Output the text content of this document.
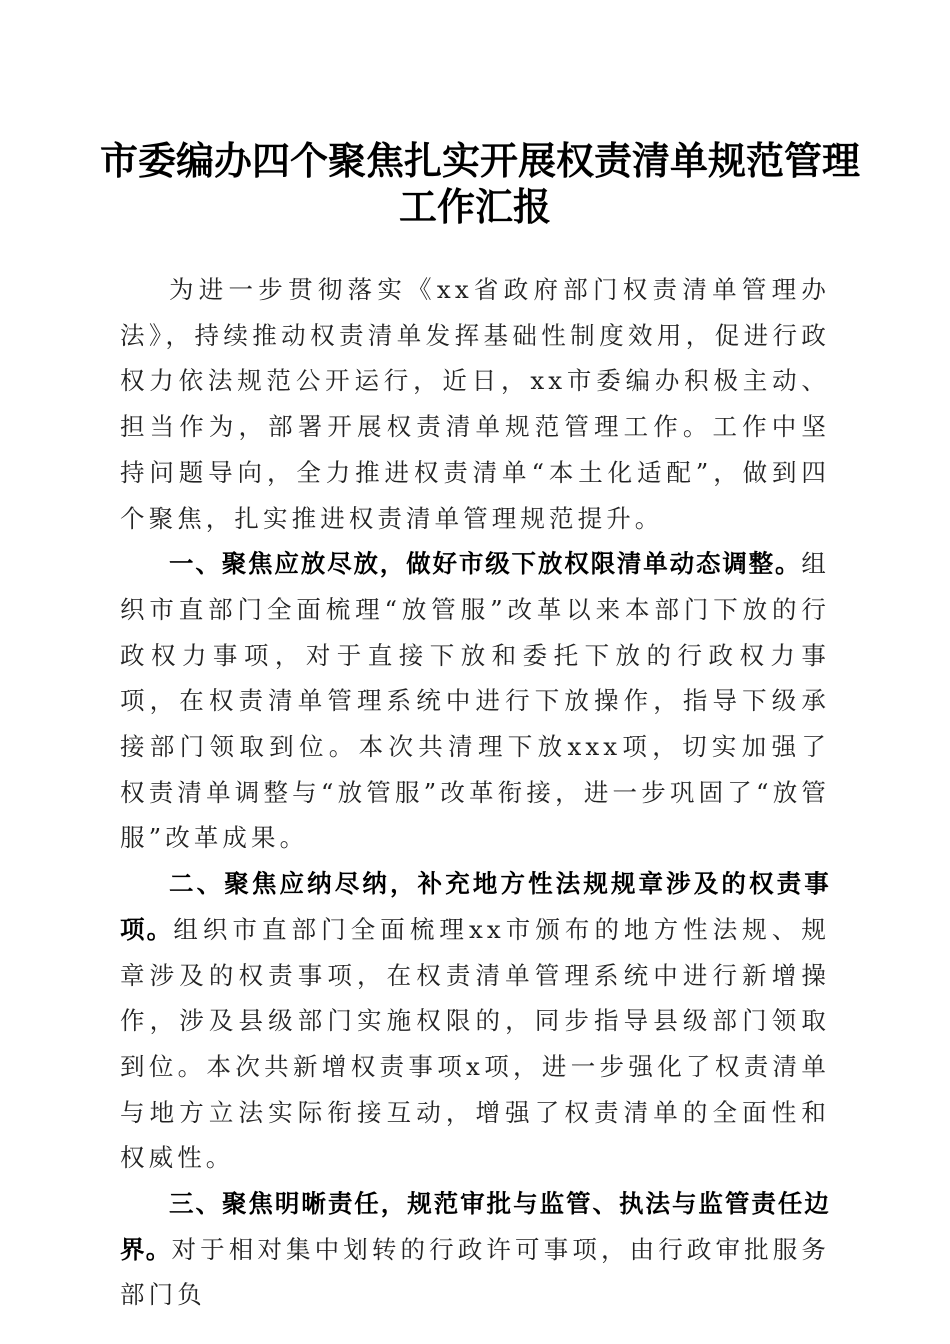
市委编办四个聚焦扎实开展权责清单规范管理
工作汇报

为进一步贯彻落实《xx省政府部门权责清单管理办法》，持续推动权责清单发挥基础性制度效用，促进行政权力依法规范公开运行，近日，xx市委编办积极主动、担当作为，部署开展权责清单规范管理工作。工作中坚持问题导向，全力推进权责清单“本土化适配”，做到四个聚焦，扎实推进权责清单管理规范提升。

一、聚焦应放尽放，做好市级下放权限清单动态调整。组织市直部门全面梳理“放管服”改革以来本部门下放的行政权力事项，对于直接下放和委托下放的行政权力事项，在权责清单管理系统中进行下放操作，指导下级承接部门领取到位。本次共清理下放xxx项，切实加强了权责清单调整与“放管服”改革衔接，进一步巩固了“放管服”改革成果。

二、聚焦应纳尽纳，补充地方性法规规章涉及的权责事项。组织市直部门全面梳理xx市颁布的地方性法规、规章涉及的权责事项，在权责清单管理系统中进行新增操作，涉及县级部门实施权限的，同步指导县级部门领取到位。本次共新增权责事项x项，进一步强化了权责清单与地方立法实际衔接互动，增强了权责清单的全面性和权威性。

三、聚焦明晰责任，规范审批与监管、执法与监管责任边界。对于相对集中划转的行政许可事项，由行政审批服务部门负
